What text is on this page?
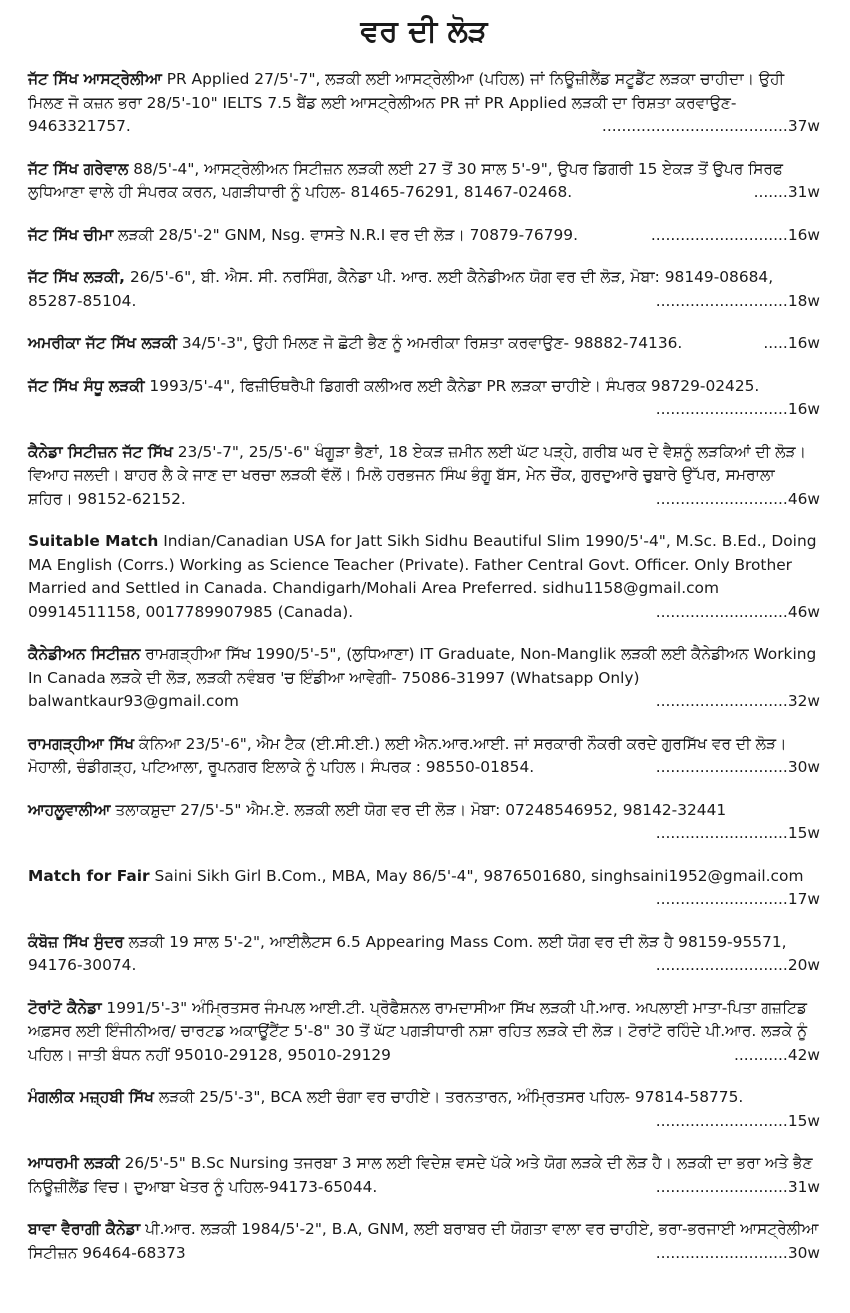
ਵਰ ਦੀ ਲੋੜ

ਜੱਟ ਸਿੱਖ ਆਸਟ੍ਰੇਲੀਆ PR Applied 27/5'-7", ਲੜਕੀ ਲਈ ਆਸਟ੍ਰੇਲੀਆ (ਪਹਿਲ) ਜਾਂ ਨਿਊਜ਼ੀਲੈਂਡ ਸਟੂਡੈਂਟ ਲੜਕਾ ਚਾਹੀਦਾ। ਉਹੀ ਮਿਲਣ ਜੋ ਕਜ਼ਨ ਭਰਾ 28/5'-10" IELTS 7.5 ਬੈਂਡ ਲਈ ਆਸਟ੍ਰੇਲੀਅਨ PR ਜਾਂ PR Applied ਲੜਕੀ ਦਾ ਰਿਸ਼ਤਾ ਕਰਵਾਉਣ- 9463321757.	......................................37w

ਜੱਟ ਸਿੱਖ ਗਰੇਵਾਲ 88/5'-4", ਆਸਟ੍ਰੇਲੀਅਨ ਸਿਟੀਜ਼ਨ ਲੜਕੀ ਲਈ 27 ਤੋਂ 30 ਸਾਲ 5'-9", ਉਪਰ ਡਿਗਰੀ 15 ਏਕੜ ਤੋਂ ਉਪਰ ਸਿਰਫ ਲੁਧਿਆਣਾ ਵਾਲੇ ਹੀ ਸੰਪਰਕ ਕਰਨ, ਪਗੜੀਧਾਰੀ ਨੂੰ ਪਹਿਲ- 81465-76291, 81467-02468.	.......31w

ਜੱਟ ਸਿੱਖ ਚੀਮਾ ਲੜਕੀ 28/5'-2" GNM, Nsg. ਵਾਸਤੇ N.R.I ਵਰ ਦੀ ਲੋੜ। 70879-76799.	............................16w

ਜੱਟ ਸਿੱਖ ਲੜਕੀ, 26/5'-6", ਬੀ. ਐਸ. ਸੀ. ਨਰਸਿੰਗ, ਕੈਨੇਡਾ ਪੀ. ਆਰ. ਲਈ ਕੈਨੇਡੀਅਨ ਯੋਗ ਵਰ ਦੀ ਲੋੜ, ਮੋਬਾ: 98149-08684, 85287-85104.	...........................18w

ਅਮਰੀਕਾ ਜੱਟ ਸਿੱਖ ਲੜਕੀ 34/5'-3", ਉਹੀ ਮਿਲਣ ਜੋ ਛੋਟੀ ਭੈਣ ਨੂੰ ਅਮਰੀਕਾ ਰਿਸ਼ਤਾ ਕਰਵਾਉਣ- 98882-74136.	.....16w

ਜੱਟ ਸਿੱਖ ਸੰਧੂ ਲੜਕੀ 1993/5'-4", ਫਿਜ਼ੀਓਥਰੈਪੀ ਡਿਗਰੀ ਕਲੀਅਰ ਲਈ ਕੈਨੇਡਾ PR ਲੜਕਾ ਚਾਹੀਏ। ਸੰਪਰਕ 98729-02425.
...........................16w

ਕੈਨੇਡਾ ਸਿਟੀਜ਼ਨ ਜੱਟ ਸਿੱਖ 23/5'-7", 25/5'-6" ਖੰਗੂੜਾ ਭੈਣਾਂ, 18 ਏਕੜ ਜ਼ਮੀਨ ਲਈ ਘੱਟ ਪੜ੍ਹੇ, ਗਰੀਬ ਘਰ ਦੇ ਵੈਸ਼ਨੂੰ ਲੜਕਿਆਂ ਦੀ ਲੋੜ। ਵਿਆਹ ਜਲਦੀ। ਬਾਹਰ ਲੈ ਕੇ ਜਾਣ ਦਾ ਖਰਚਾ ਲੜਕੀ ਵੱਲੋਂ। ਮਿਲੋ ਹਰਭਜਨ ਸਿੰਘ ਭੰਗੂ ਬੱਸ, ਮੇਨ ਚੌਂਕ, ਗੁਰਦੁਆਰੇ ਚੁਬਾਰੇ ਉੱਪਰ, ਸਮਰਾਲਾ ਸ਼ਹਿਰ। 98152-62152.	...........................46w

Suitable Match Indian/Canadian USA for Jatt Sikh Sidhu Beautiful Slim 1990/5'-4", M.Sc. B.Ed., Doing MA English (Corrs.) Working as Science Teacher (Private). Father Central Govt. Officer. Only Brother Married and Settled in Canada. Chandigarh/Mohali Area Preferred. sidhu1158@gmail.com 09914511158, 0017789907985 (Canada).	...........................46w

ਕੈਨੇਡੀਅਨ ਸਿਟੀਜ਼ਨ ਰਾਮਗੜ੍ਹੀਆ ਸਿੱਖ 1990/5'-5", (ਲੁਧਿਆਣਾ) IT Graduate, Non-Manglik ਲੜਕੀ ਲਈ ਕੈਨੇਡੀਅਨ Working In Canada ਲੜਕੇ ਦੀ ਲੋੜ, ਲੜਕੀ ਨਵੰਬਰ 'ਚ ਇੰਡੀਆ ਆਵੇਗੀ- 75086-31997 (Whatsapp Only) balwantkaur93@gmail.com	...........................32w

ਰਾਮਗੜ੍ਹੀਆ ਸਿੱਖ ਕੰਨਿਆ 23/5'-6", ਐਮ ਟੈਕ (ਈ.ਸੀ.ਈ.) ਲਈ ਐਨ.ਆਰ.ਆਈ. ਜਾਂ ਸਰਕਾਰੀ ਨੌਕਰੀ ਕਰਦੇ ਗੁਰਸਿੱਖ ਵਰ ਦੀ ਲੋੜ। ਮੋਹਾਲੀ, ਚੰਡੀਗੜ੍ਹ, ਪਟਿਆਲਾ, ਰੂਪਨਗਰ ਇਲਾਕੇ ਨੂੰ ਪਹਿਲ। ਸੰਪਰਕ : 98550-01854.	...........................30w

ਆਹਲੂਵਾਲੀਆ ਤਲਾਕਸ਼ੁਦਾ 27/5'-5" ਐਮ.ਏ. ਲੜਕੀ ਲਈ ਯੋਗ ਵਰ ਦੀ ਲੋੜ। ਮੋਬਾ: 07248546952, 98142-32441
...........................15w

Match for Fair Saini Sikh Girl B.Com., MBA, May 86/5'-4", 9876501680, singhsaini1952@gmail.com
...........................17w

ਕੰਬੋਜ਼ ਸਿੱਖ ਸੁੰਦਰ ਲੜਕੀ 19 ਸਾਲ 5'-2", ਆਈਲੈਟਸ 6.5 Appearing Mass Com. ਲਈ ਯੋਗ ਵਰ ਦੀ ਲੋੜ ਹੈ 98159-95571, 94176-30074.	...........................20w

ਟੋਰਾਂਟੋ ਕੈਨੇਡਾ 1991/5'-3" ਅੰਮ੍ਰਿਤਸਰ ਜੰਮਪਲ ਆਈ.ਟੀ. ਪ੍ਰੋਫੈਸ਼ਨਲ ਰਾਮਦਾਸੀਆ ਸਿੱਖ ਲੜਕੀ ਪੀ.ਆਰ. ਅਪਲਾਈ ਮਾਤਾ-ਪਿਤਾ ਗਜ਼ਟਿਡ ਅਫ਼ਸਰ ਲਈ ਇੰਜੀਨੀਅਰ/ ਚਾਰਟਡ ਅਕਾਊਂਟੈਂਟ 5'-8" 30 ਤੋਂ ਘੱਟ ਪਗੜੀਧਾਰੀ ਨਸ਼ਾ ਰਹਿਤ ਲੜਕੇ ਦੀ ਲੋੜ। ਟੋਰਾਂਟੋ ਰਹਿੰਦੇ ਪੀ.ਆਰ. ਲੜਕੇ ਨੂੰ ਪਹਿਲ। ਜਾਤੀ ਬੰਧਨ ਨਹੀਂ 95010-29128, 95010-29129	...........42w

ਮੰਗਲੀਕ ਮਜ਼੍ਹਬੀ ਸਿੱਖ ਲੜਕੀ 25/5'-3", BCA ਲਈ ਚੰਗਾ ਵਰ ਚਾਹੀਏ। ਤਰਨਤਾਰਨ, ਅੰਮ੍ਰਿਤਸਰ ਪਹਿਲ- 97814-58775.
...........................15w

ਆਧਰਮੀ ਲੜਕੀ 26/5'-5" B.Sc Nursing ਤਜਰਬਾ 3 ਸਾਲ ਲਈ ਵਿਦੇਸ਼ ਵਸਦੇ ਪੱਕੇ ਅਤੇ ਯੋਗ ਲੜਕੇ ਦੀ ਲੋੜ ਹੈ। ਲੜਕੀ ਦਾ ਭਰਾ ਅਤੇ ਭੈਣ ਨਿਊਜ਼ੀਲੈਂਡ ਵਿਚ। ਦੁਆਬਾ ਖੇਤਰ ਨੂੰ ਪਹਿਲ-94173-65044.	...........................31w

ਬਾਵਾ ਵੈਰਾਗੀ ਕੈਨੇਡਾ ਪੀ.ਆਰ. ਲੜਕੀ 1984/5'-2", B.A, GNM, ਲਈ ਬਰਾਬਰ ਦੀ ਯੋਗਤਾ ਵਾਲਾ ਵਰ ਚਾਹੀਏ, ਭਰਾ-ਭਰਜਾਈ ਆਸਟ੍ਰੇਲੀਆ ਸਿਟੀਜ਼ਨ 96464-68373	...........................30w
